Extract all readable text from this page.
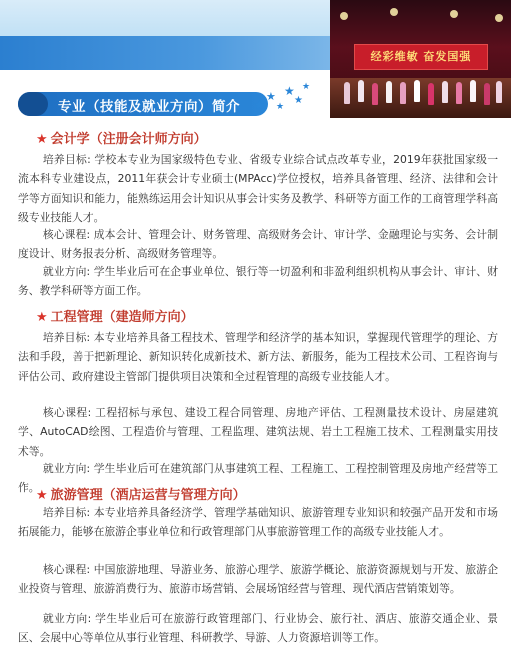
经彩维敏 奋发国强
专业（技能及就业方向）简介 ★
★
★
★
★
★
★ 会计学（注册会计师方向）
培养目标: 学校本专业为国家级特色专业、省级专业综合试点改革专业，2019年获批国家级一流本科专业建设点，2011年获会计专业硕士(MPAcc)学位授权，培养具备管理、经济、法律和会计学等方面知识和能力，能熟练运用会计知识从事会计实务及教学、科研等方面工作的工商管理学科高级专业技能人才。
核心课程: 成本会计、管理会计、财务管理、高级财务会计、审计学、金融理论与实务、会计制度设计、财务报表分析、高级财务管理等。
就业方向: 学生毕业后可在企事业单位、银行等一切盈利和非盈利组织机构从事会计、审计、财务、教学科研等方面工作。
★ 工程管理（建造师方向）
培养目标: 本专业培养具备工程技术、管理学和经济学的基本知识，掌握现代管理学的理论、方法和手段，善于把新理论、新知识转化成新技术、新方法、新服务，能为工程技术公司、工程咨询与评估公司、政府建设主管部门提供项目决策和全过程管理的高级专业技能人才。
核心课程: 工程招标与承包、建设工程合同管理、房地产评估、工程测量技术设计、房屋建筑学、AutoCAD绘图、工程造价与管理、工程监理、建筑法规、岩土工程施工技术、工程测量实用技术等。
就业方向: 学生毕业后可在建筑部门从事建筑工程、工程施工、工程控制管理及房地产经营等工作。
★ 旅游管理（酒店运营与管理方向）
培养目标: 本专业培养具备经济学、管理学基础知识、旅游管理专业知识和较强产品开发和市场拓展能力，能够在旅游企事业单位和行政管理部门从事旅游管理工作的高级专业技能人才。
核心课程: 中国旅游地理、导游业务、旅游心理学、旅游学概论、旅游资源规划与开发、旅游企业投资与管理、旅游消费行为、旅游市场营销、会展场馆经营与管理、现代酒店营销策划等。
就业方向: 学生毕业后可在旅游行政管理部门、行业协会、旅行社、酒店、旅游交通企业、景区、会展中心等单位从事行业管理、科研教学、导游、人力资源培训等工作。
